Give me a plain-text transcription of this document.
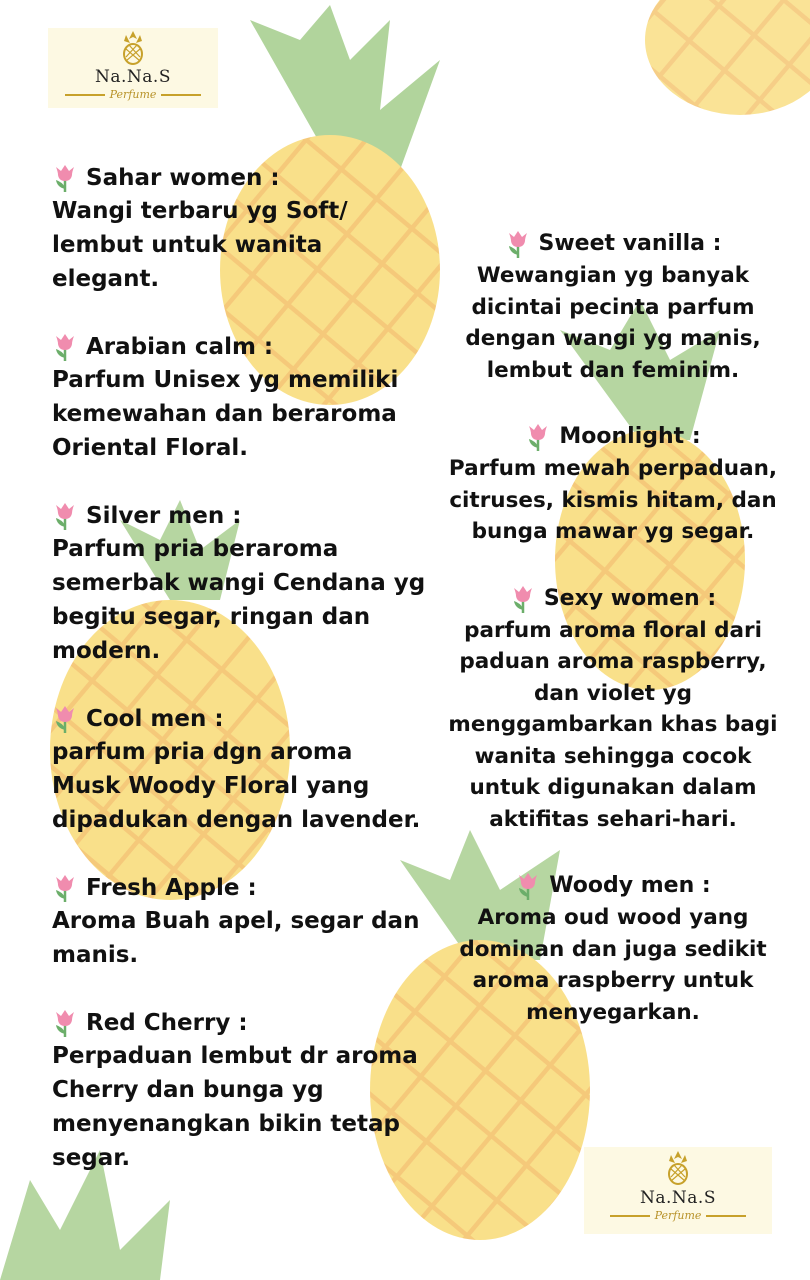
Na.Na.S
Perfume
Na.Na.S
Perfume
Sahar women :
Wangi terbaru yg Soft/
lembut untuk wanita
elegant.
Arabian calm :
Parfum Unisex yg memiliki
kemewahan dan beraroma
Oriental Floral.
Silver men :
Parfum pria beraroma
semerbak wangi Cendana yg
begitu segar, ringan dan
modern.
Cool men :
parfum pria dgn aroma
Musk Woody Floral yang
dipadukan dengan lavender.
Fresh Apple :
Aroma Buah apel, segar dan
manis.
Red Cherry :
Perpaduan lembut dr aroma
Cherry dan bunga yg
menyenangkan bikin tetap
segar.
Sweet vanilla :
Wewangian yg banyak
dicintai pecinta parfum
dengan wangi yg manis,
lembut dan feminim.
Moonlight :
Parfum mewah perpaduan,
citruses, kismis hitam, dan
bunga mawar yg segar.
Sexy women :
parfum aroma floral dari
paduan aroma raspberry,
dan violet yg
menggambarkan khas bagi
wanita sehingga cocok
untuk digunakan dalam
aktifitas sehari-hari.
Woody men :
Aroma oud wood yang
dominan dan juga sedikit
aroma raspberry untuk
menyegarkan.
